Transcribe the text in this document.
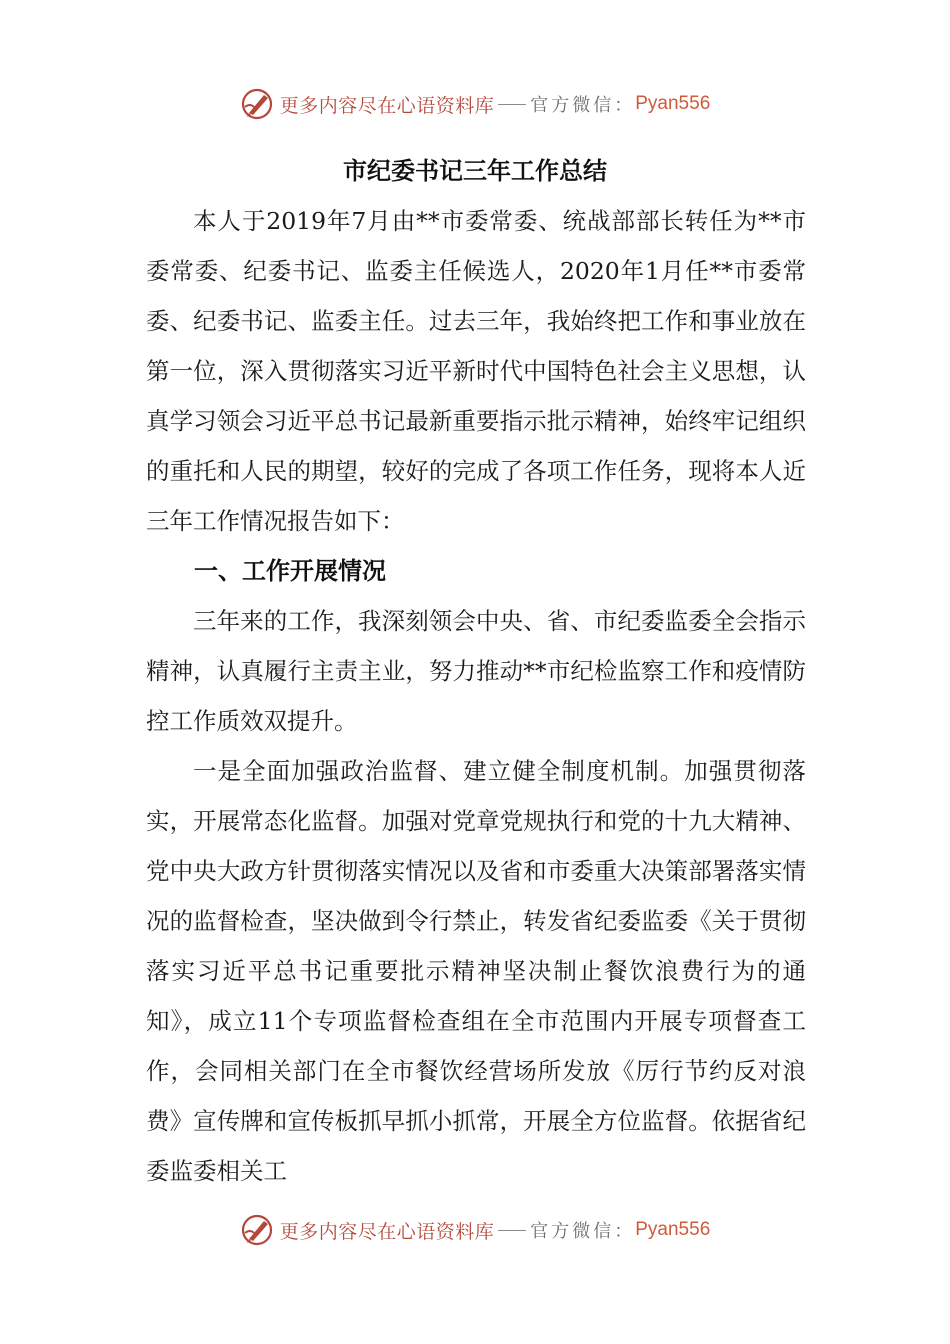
更多内容尽在心语资料库 官方微信： Pyan556
市纪委书记三年工作总结

本人于2019年7月由**市委常委、统战部部长转任为**市委常委、纪委书记、监委主任候选人，2020年1月任**市委常委、纪委书记、监委主任。过去三年，我始终把工作和事业放在第一位，深入贯彻落实习近平新时代中国特色社会主义思想，认真学习领会习近平总书记最新重要指示批示精神，始终牢记组织的重托和人民的期望，较好的完成了各项工作任务，现将本人近三年工作情况报告如下：

一、工作开展情况

三年来的工作，我深刻领会中央、省、市纪委监委全会指示精神，认真履行主责主业，努力推动**市纪检监察工作和疫情防控工作质效双提升。

一是全面加强政治监督、建立健全制度机制。加强贯彻落实，开展常态化监督。加强对党章党规执行和党的十九大精神、党中央大政方针贯彻落实情况以及省和市委重大决策部署落实情况的监督检查，坚决做到令行禁止，转发省纪委监委《关于贯彻落实习近平总书记重要批示精神坚决制止餐饮浪费行为的通知》，成立11个专项监督检查组在全市范围内开展专项督查工作，会同相关部门在全市餐饮经营场所发放《厉行节约反对浪费》宣传牌和宣传板抓早抓小抓常，开展全方位监督。依据省纪委监委相关工

更多内容尽在心语资料库 官方微信： Pyan556
